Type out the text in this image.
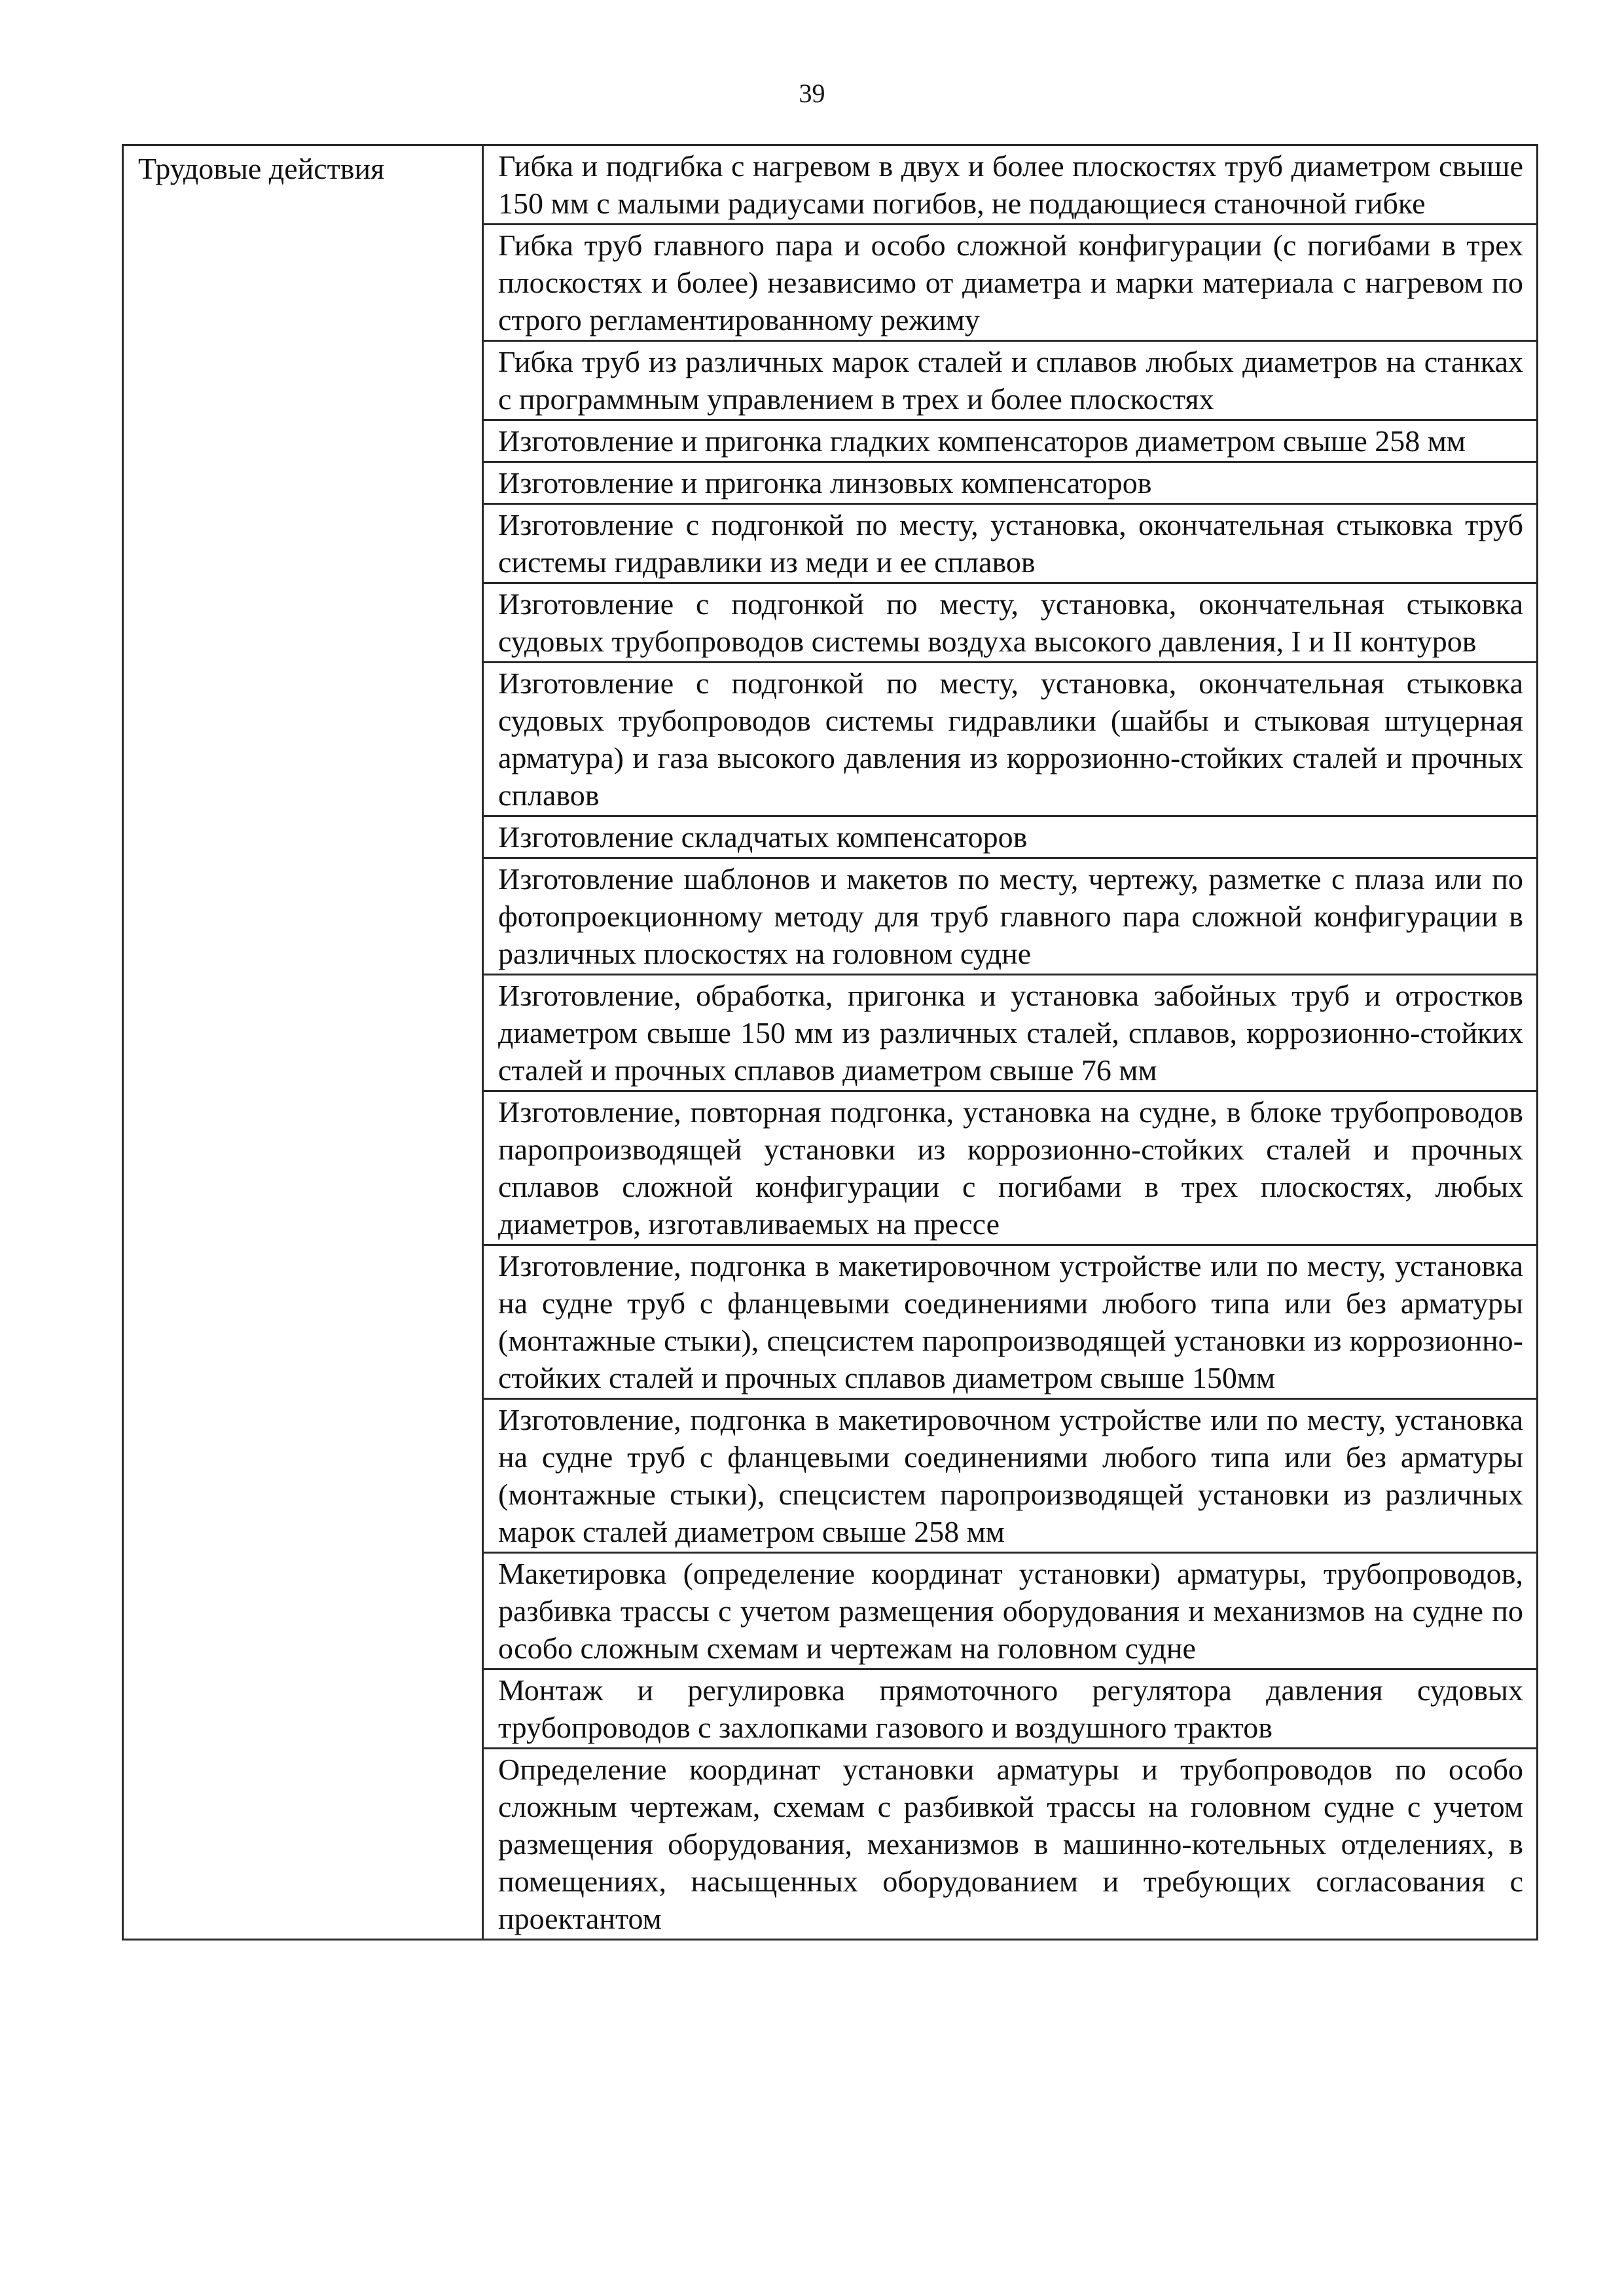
39
Трудовые действия	Гибка и подгибка с нагревом в двух и более плоскостях труб диаметром свыше 150 мм с малыми радиусами погибов, не поддающиеся станочной гибке

Гибка труб главного пара и особо сложной конфигурации (с погибами в трех плоскостях и более) независимо от диаметра и марки материала с нагревом по строго регламентированному режиму

Гибка труб из различных марок сталей и сплавов любых диаметров на станках с программным управлением в трех и более плоскостях

Изготовление и пригонка гладких компенсаторов диаметром свыше 258 мм

Изготовление и пригонка линзовых компенсаторов

Изготовление с подгонкой по месту, установка, окончательная стыковка труб системы гидравлики из меди и ее сплавов

Изготовление с подгонкой по месту, установка, окончательная стыковка судовых трубопроводов системы воздуха высокого давления, I и II контуров

Изготовление с подгонкой по месту, установка, окончательная стыковка судовых трубопроводов системы гидравлики (шайбы и стыковая штуцерная арматура) и газа высокого давления из коррозионно-стойких сталей и прочных сплавов

Изготовление складчатых компенсаторов

Изготовление шаблонов и макетов по месту, чертежу, разметке с плаза или по фотопроекционному методу для труб главного пара сложной конфигурации в различных плоскостях на головном судне

Изготовление, обработка, пригонка и установка забойных труб и отростков диаметром свыше 150 мм из различных сталей, сплавов, коррозионно-стойких сталей и прочных сплавов диаметром свыше 76 мм

Изготовление, повторная подгонка, установка на судне, в блоке трубопроводов паропроизводящей установки из коррозионно-стойких сталей и прочных сплавов сложной конфигурации с погибами в трех плоскостях, любых диаметров, изготавливаемых на прессе

Изготовление, подгонка в макетировочном устройстве или по месту, установка на судне труб с фланцевыми соединениями любого типа или без арматуры (монтажные стыки), спецсистем паропроизводящей установки из коррозионно-стойких сталей и прочных сплавов диаметром свыше 150мм

Изготовление, подгонка в макетировочном устройстве или по месту, установка на судне труб с фланцевыми соединениями любого типа или без арматуры (монтажные стыки), спецсистем паропроизводящей установки из различных марок сталей диаметром свыше 258 мм

Макетировка (определение координат установки) арматуры, трубопроводов, разбивка трассы с учетом размещения оборудования и механизмов на судне по особо сложным схемам и чертежам на головном судне

Монтаж и регулировка прямоточного регулятора давления судовых трубопроводов с захлопками газового и воздушного трактов

Определение координат установки арматуры и трубопроводов по особо сложным чертежам, схемам с разбивкой трассы на головном судне с учетом размещения оборудования, механизмов в машинно-котельных отделениях, в помещениях, насыщенных оборудованием и требующих согласования с проектантом
